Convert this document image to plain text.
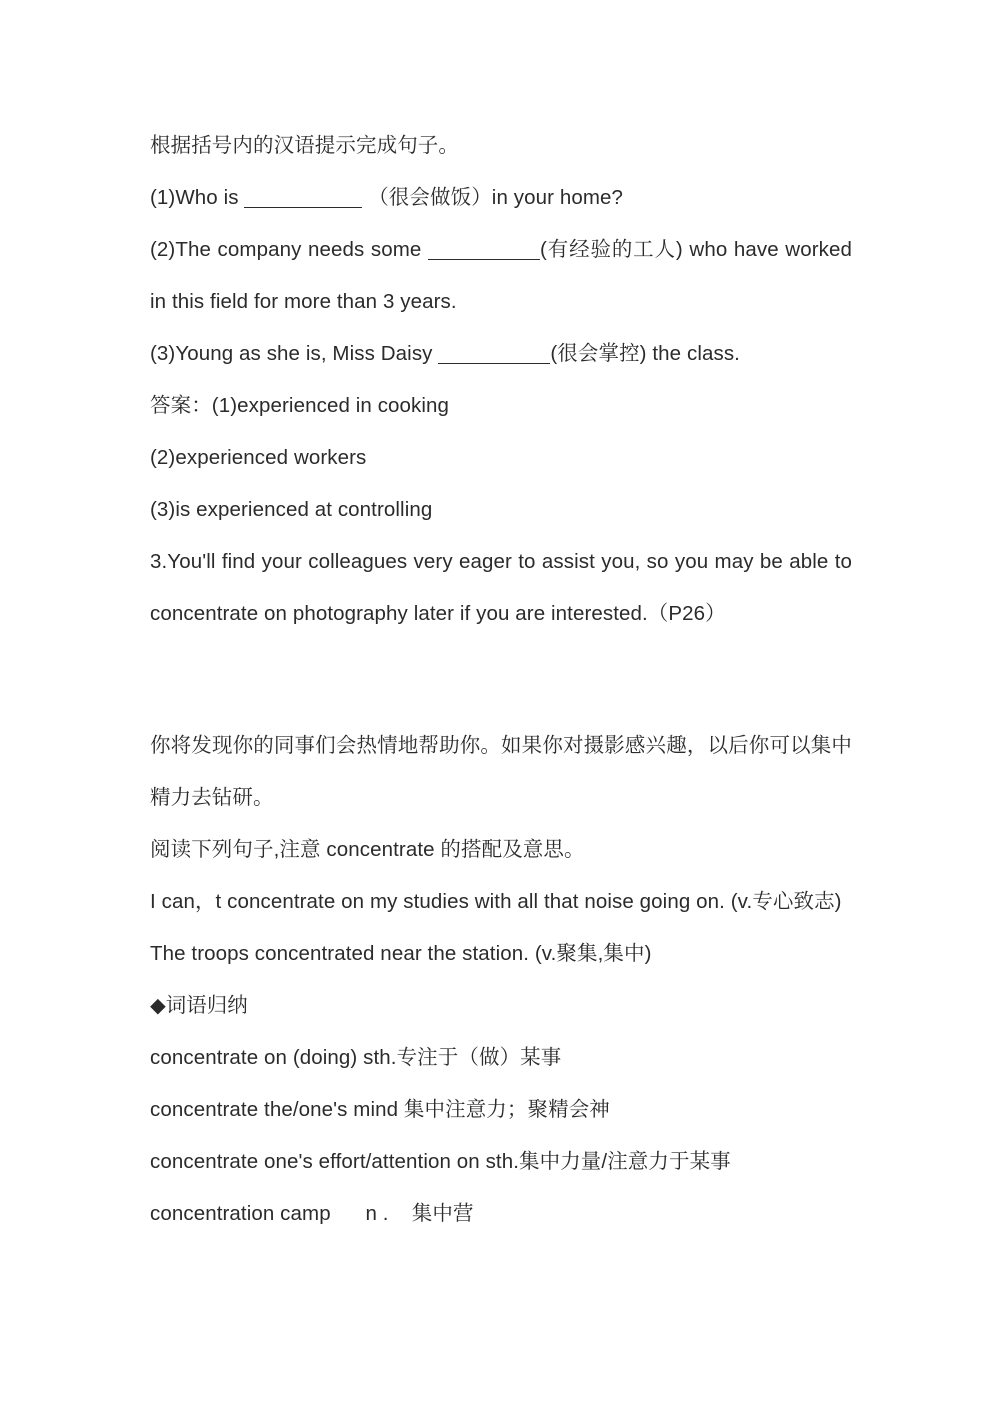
根据括号内的汉语提示完成句子。
(1)Who is	（很会做饭）in your home?
(2)The company needs some	(有经验的工人) who have worked in this field for more than 3 years.
(3)Young as she is, Miss Daisy	(很会掌控) the class.
答案：(1)experienced in cooking
(2)experienced workers
(3)is experienced at controlling
3.You'll find your colleagues very eager to assist you, so you may be able to concentrate on photography later if you are interested.（P26）
你将发现你的同事们会热情地帮助你。如果你对摄影感兴趣，以后你可以集中精力去钻研。
阅读下列句子,注意 concentrate 的搭配及意思。
I can，t concentrate on my studies with all that noise going on. (v.专心致志)
The troops concentrated near the station. (v.聚集,集中)
◆词语归纳
concentrate on (doing) sth.专注于（做）某事
concentrate the/one's mind 集中注意力；聚精会神
concentrate one's effort/attention on sth.集中力量/注意力于某事
concentration camp      n .    集中营
